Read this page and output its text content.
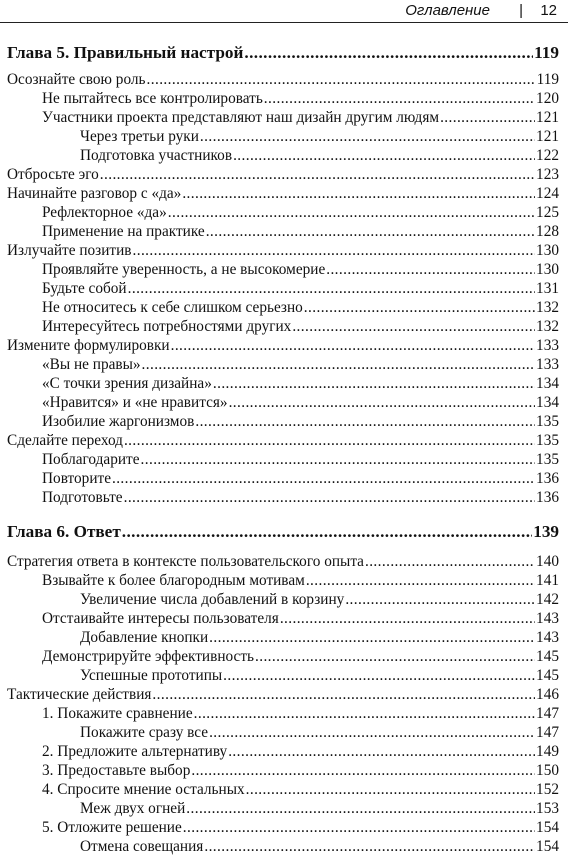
Оглавление | 12
Глава 5. Правильный настрой .....	119
Осознайте свою роль .....	119
Не пытайтесь все контролировать .....	120
Участники проекта представляют наш дизайн другим людям .....	121
Через третьи руки .....	121
Подготовка участников .....	122
Отбросьте эго .....	123
Начинайте разговор с «да» .....	124
Рефлекторное «да» .....	125
Применение на практике .....	128
Излучайте позитив .....	130
Проявляйте уверенность, а не высокомерие .....	130
Будьте собой .....	131
Не относитесь к себе слишком серьезно .....	132
Интересуйтесь потребностями других .....	132
Измените формулировки .....	133
«Вы не правы» .....	133
«С точки зрения дизайна» .....	134
«Нравится» и «не нравится» .....	134
Изобилие жаргонизмов .....	135
Сделайте переход .....	135
Поблагодарите .....	135
Повторите .....	136
Подготовьте .....	136
Глава 6. Ответ .....	139
Стратегия ответа в контексте пользовательского опыта .....	140
Взывайте к более благородным мотивам .....	141
Увеличение числа добавлений в корзину .....	142
Отстаивайте интересы пользователя .....	143
Добавление кнопки .....	143
Демонстрируйте эффективность .....	145
Успешные прототипы .....	145
Тактические действия .....	146
1. Покажите сравнение .....	147
Покажите сразу все .....	147
2. Предложите альтернативу .....	149
3. Предоставьте выбор .....	150
4. Спросите мнение остальных .....	152
Меж двух огней .....	153
5. Отложите решение .....	154
Отмена совещания .....	154
